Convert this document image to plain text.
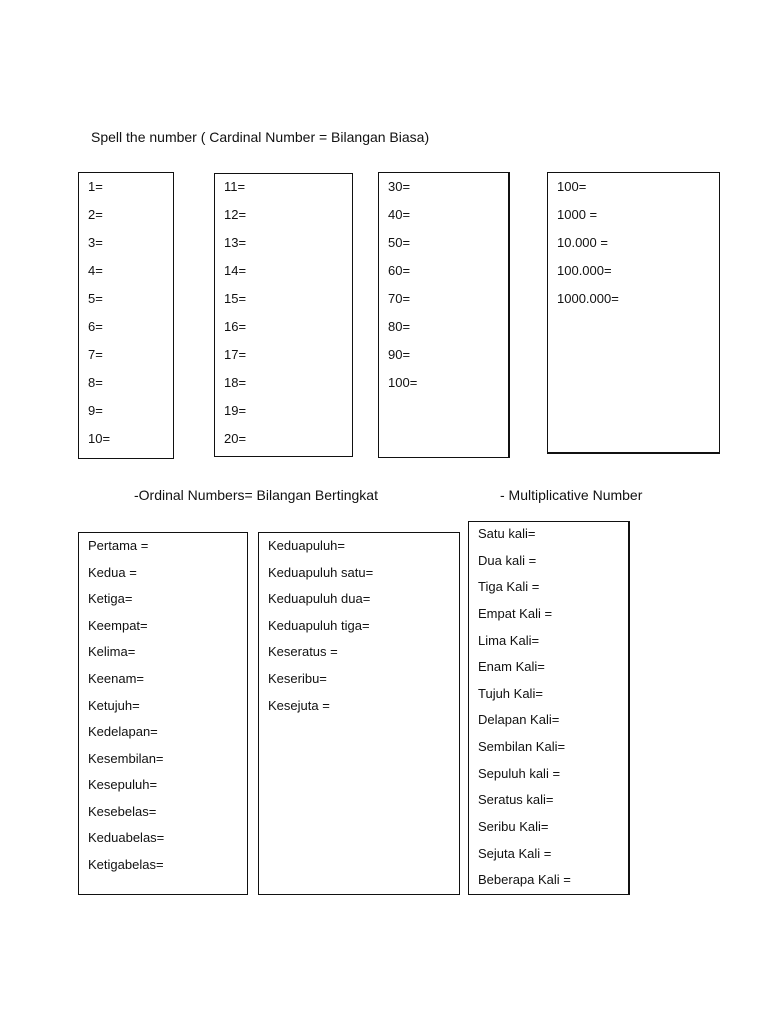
Spell the number ( Cardinal Number = Bilangan Biasa)
1=
2=
3=
4=
5=
6=
7=
8=
9=
10=
11=
12=
13=
14=
15=
16=
17=
18=
19=
20=
30=
40=
50=
60=
70=
80=
90=
100=
100=
1000 =
10.000 =
100.000=
1000.000=
-Ordinal Numbers= Bilangan Bertingkat	- Multiplicative Number
Pertama =
Kedua =
Ketiga=
Keempat=
Kelima=
Keenam=
Ketujuh=
Kedelapan=
Kesembilan=
Kesepuluh=
Kesebelas=
Keduabelas=
Ketigabelas=
Keduapuluh=
Keduapuluh satu=
Keduapuluh dua=
Keduapuluh tiga=
Keseratus =
Keseribu=
Kesejuta =
Satu kali=
Dua kali =
Tiga Kali =
Empat Kali =
Lima Kali=
Enam Kali=
Tujuh Kali=
Delapan Kali=
Sembilan Kali=
Sepuluh kali =
Seratus kali=
Seribu Kali=
Sejuta Kali =
Beberapa Kali =
